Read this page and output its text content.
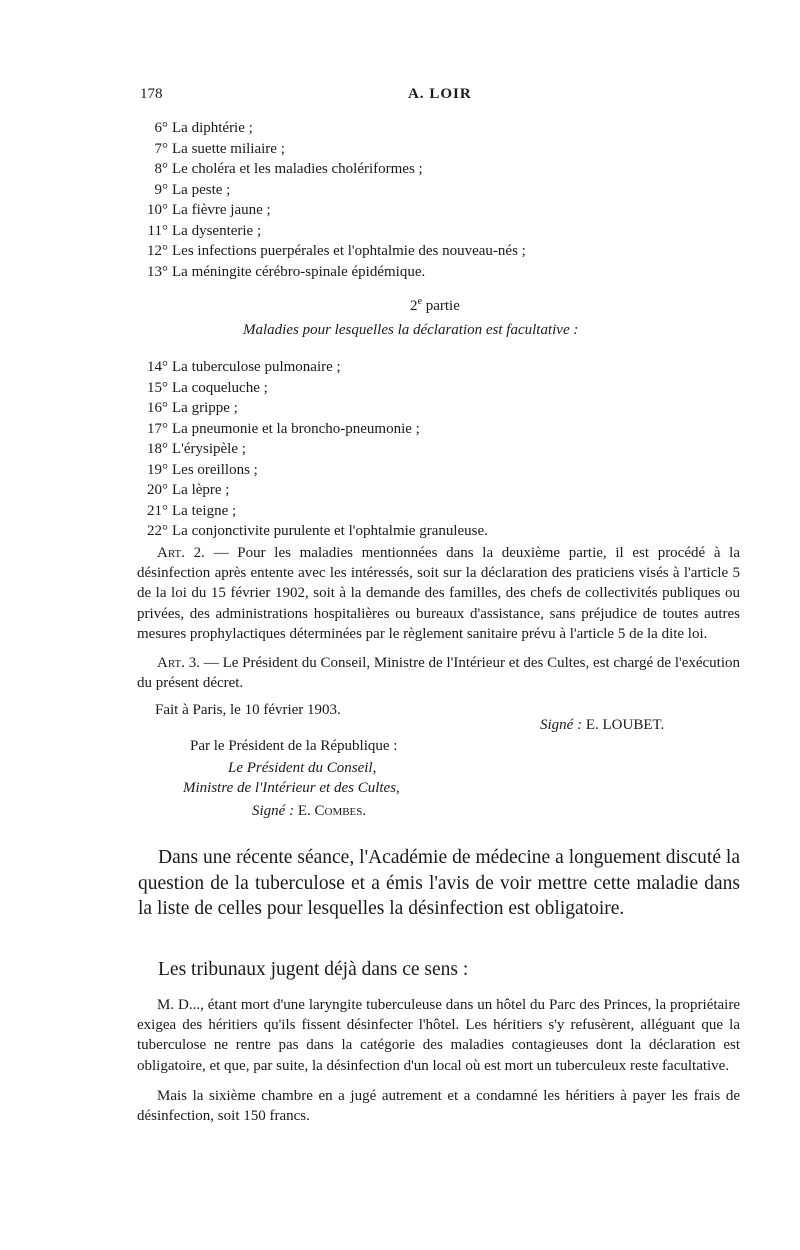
178	A. LOIR
6° La diphtérie ;
7° La suette miliaire ;
8° Le choléra et les maladies cholériformes ;
9° La peste ;
10° La fièvre jaune ;
11° La dysenterie ;
12° Les infections puerpérales et l'ophtalmie des nouveau-nés ;
13° La méningite cérébro-spinale épidémique.
2e partie
Maladies pour lesquelles la déclaration est facultative :
14° La tuberculose pulmonaire ;
15° La coqueluche ;
16° La grippe ;
17° La pneumonie et la broncho-pneumonie ;
18° L'érysipèle ;
19° Les oreillons ;
20° La lèpre ;
21° La teigne ;
22° La conjonctivite purulente et l'ophtalmie granuleuse.

Art. 2. — Pour les maladies mentionnées dans la deuxième partie, il est procédé à la désinfection après entente avec les intéressés, soit sur la déclaration des praticiens visés à l'article 5 de la loi du 15 février 1902, soit à la demande des familles, des chefs de collectivités publiques ou privées, des administrations hospitalières ou bureaux d'assistance, sans préjudice de toutes autres mesures prophylactiques déterminées par le règlement sanitaire prévu à l'article 5 de la dite loi.

Art. 3. — Le Président du Conseil, Ministre de l'Intérieur et des Cultes, est chargé de l'exécution du présent décret.

Fait à Paris, le 10 février 1903.
Signé : E. LOUBET.
Par le Président de la République :
Le Président du Conseil,
Ministre de l'Intérieur et des Cultes,
Signé : E. Combes.

Dans une récente séance, l'Académie de médecine a longuement discuté la question de la tuberculose et a émis l'avis de voir mettre cette maladie dans la liste de celles pour lesquelles la désinfection est obligatoire.

Les tribunaux jugent déjà dans ce sens :

M. D..., étant mort d'une laryngite tuberculeuse dans un hôtel du Parc des Princes, la propriétaire exigea des héritiers qu'ils fissent désinfecter l'hôtel. Les héritiers s'y refusèrent, alléguant que la tuberculose ne rentre pas dans la catégorie des maladies contagieuses dont la déclaration est obligatoire, et que, par suite, la désinfection d'un local où est mort un tuberculeux reste facultative.

Mais la sixième chambre en a jugé autrement et a condamné les héritiers à payer les frais de désinfection, soit 150 francs.
